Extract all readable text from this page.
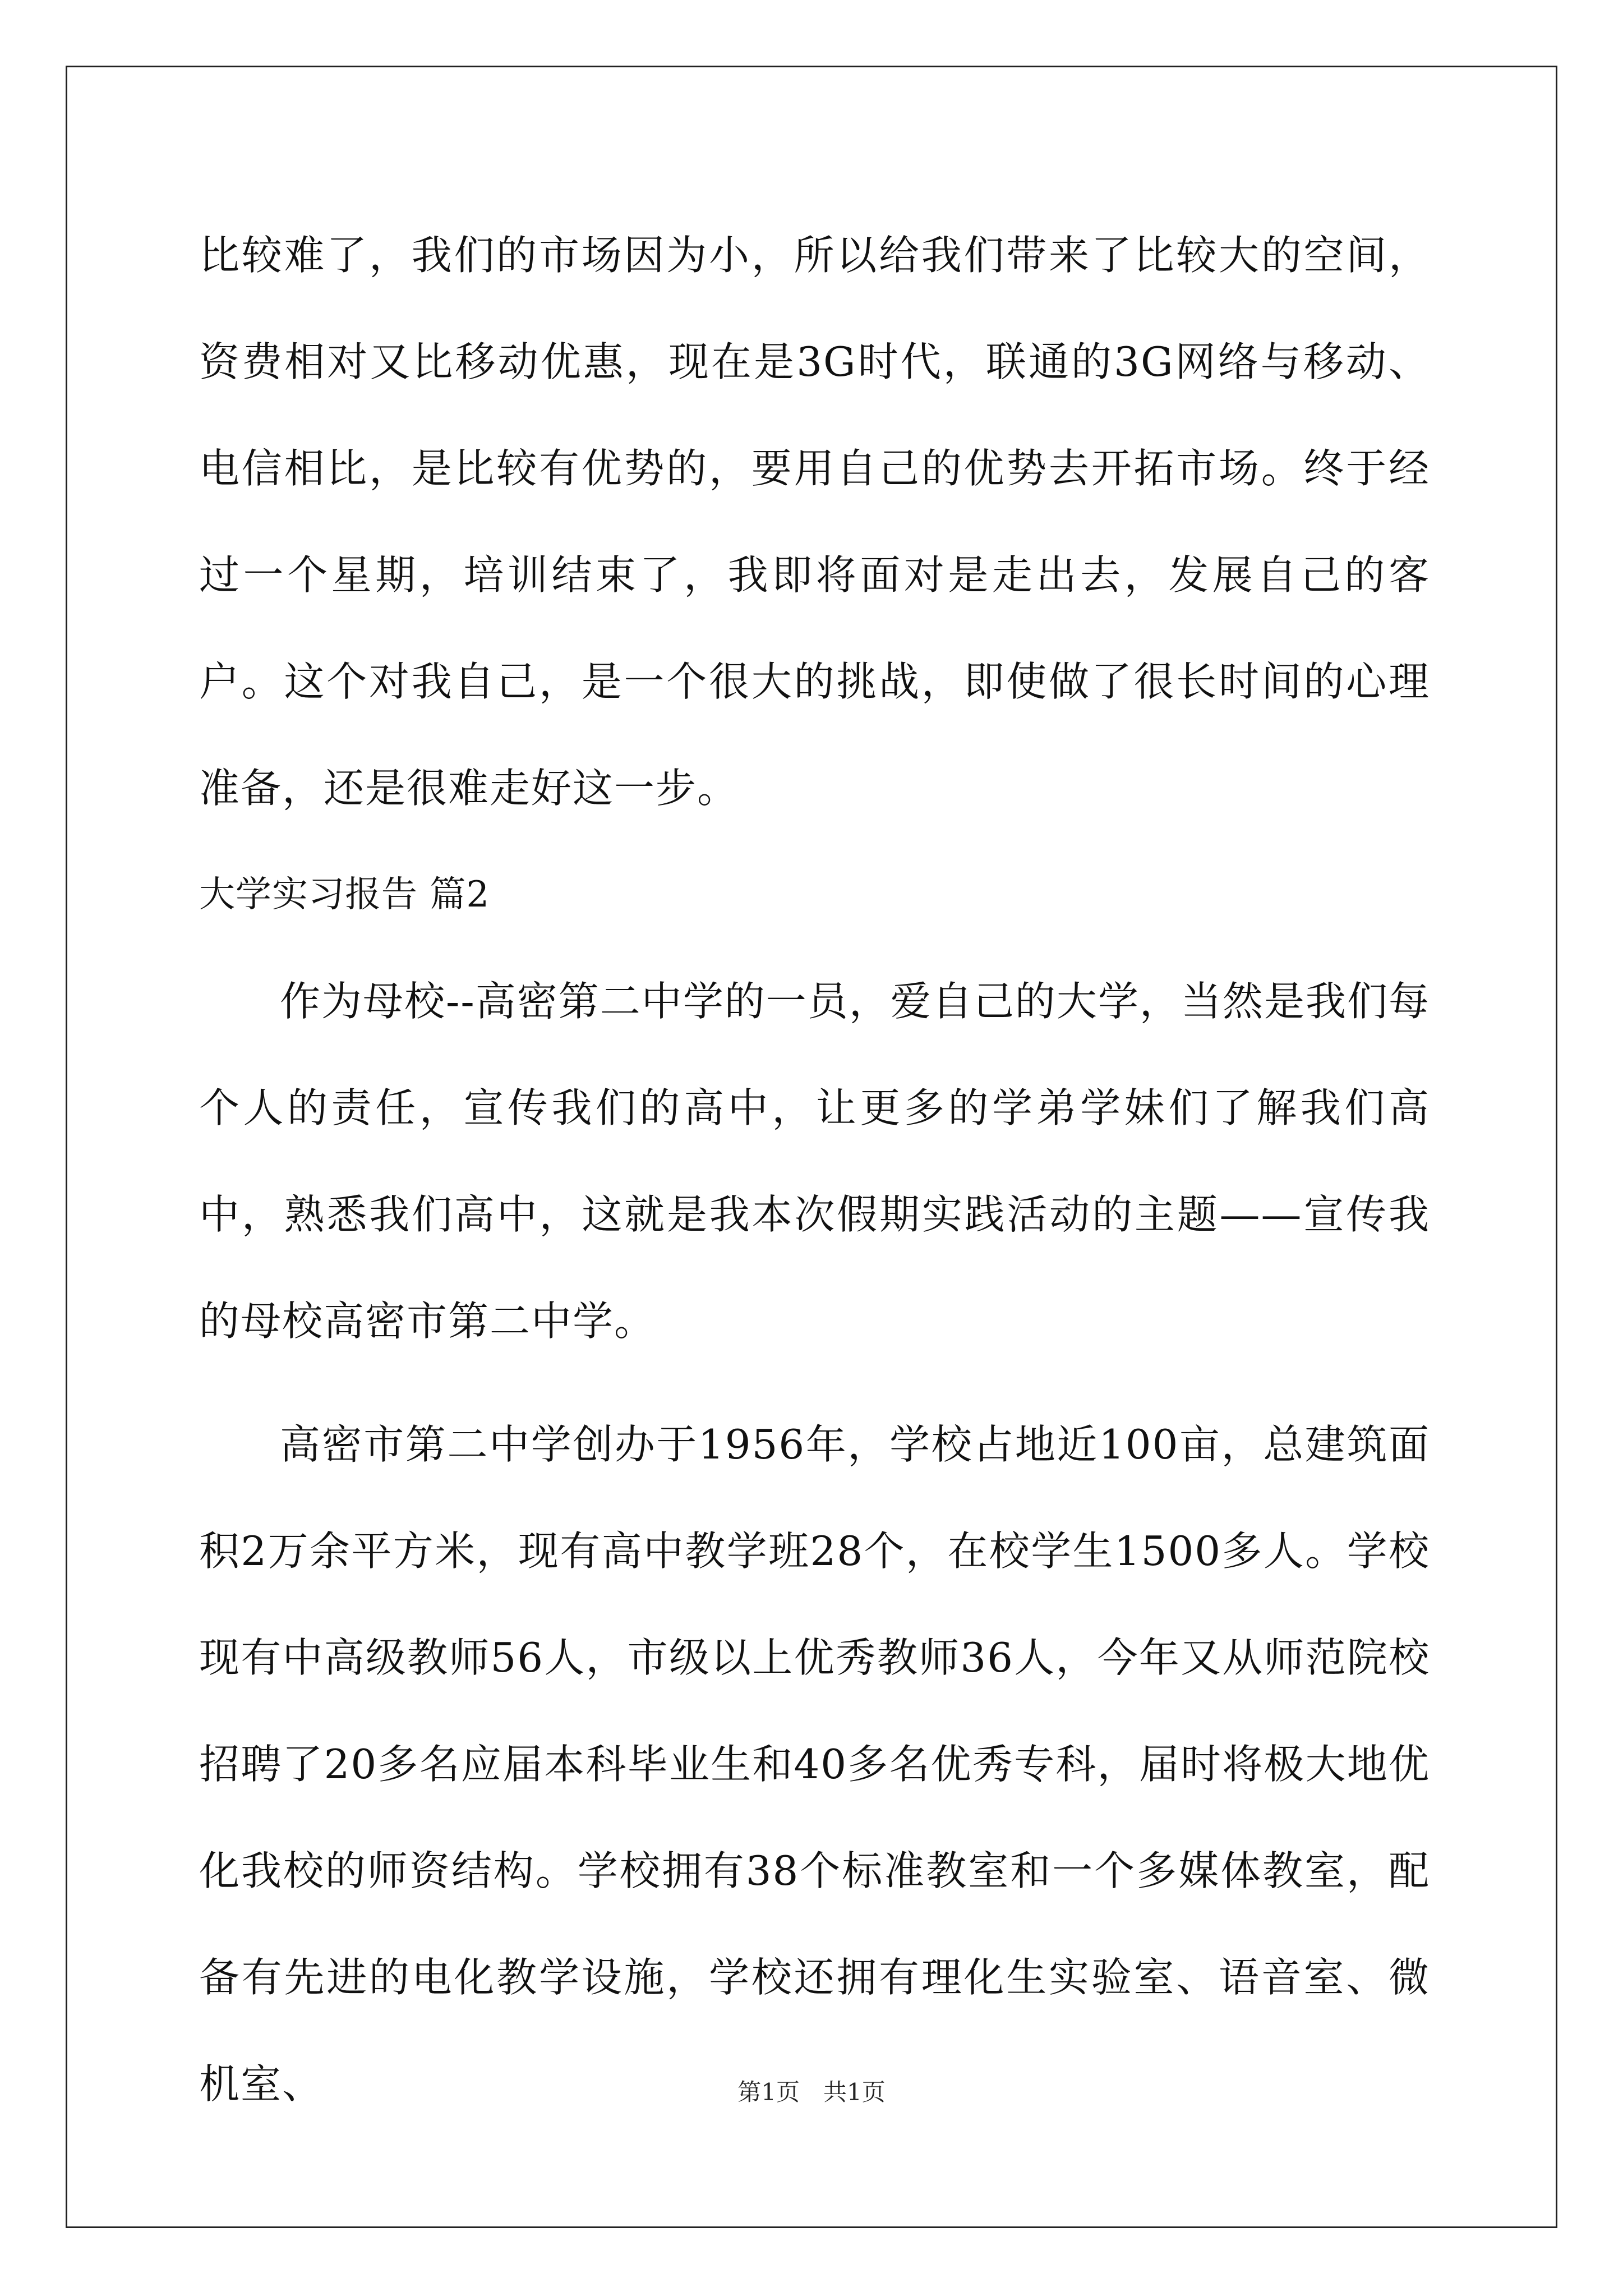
比较难了，我们的市场因为小，所以给我们带来了比较大的空间，资费相对又比移动优惠，现在是3G时代，联通的3G网络与移动、电信相比，是比较有优势的，要用自己的优势去开拓市场。终于经过一个星期，培训结束了，我即将面对是走出去，发展自己的客户。这个对我自己，是一个很大的挑战，即使做了很长时间的心理准备，还是很难走好这一步。

大学实习报告 篇2

作为母校--高密第二中学的一员，爱自己的大学，当然是我们每个人的责任，宣传我们的高中，让更多的学弟学妹们了解我们高中，熟悉我们高中，这就是我本次假期实践活动的主题——宣传我的母校高密市第二中学。

高密市第二中学创办于1956年，学校占地近100亩，总建筑面积2万余平方米，现有高中教学班28个，在校学生1500多人。学校现有中高级教师56人，市级以上优秀教师36人，今年又从师范院校招聘了20多名应届本科毕业生和40多名优秀专科，届时将极大地优化我校的师资结构。学校拥有38个标准教室和一个多媒体教室，配备有先进的电化教学设施，学校还拥有理化生实验室、语音室、微机室、	第1页　共1页
